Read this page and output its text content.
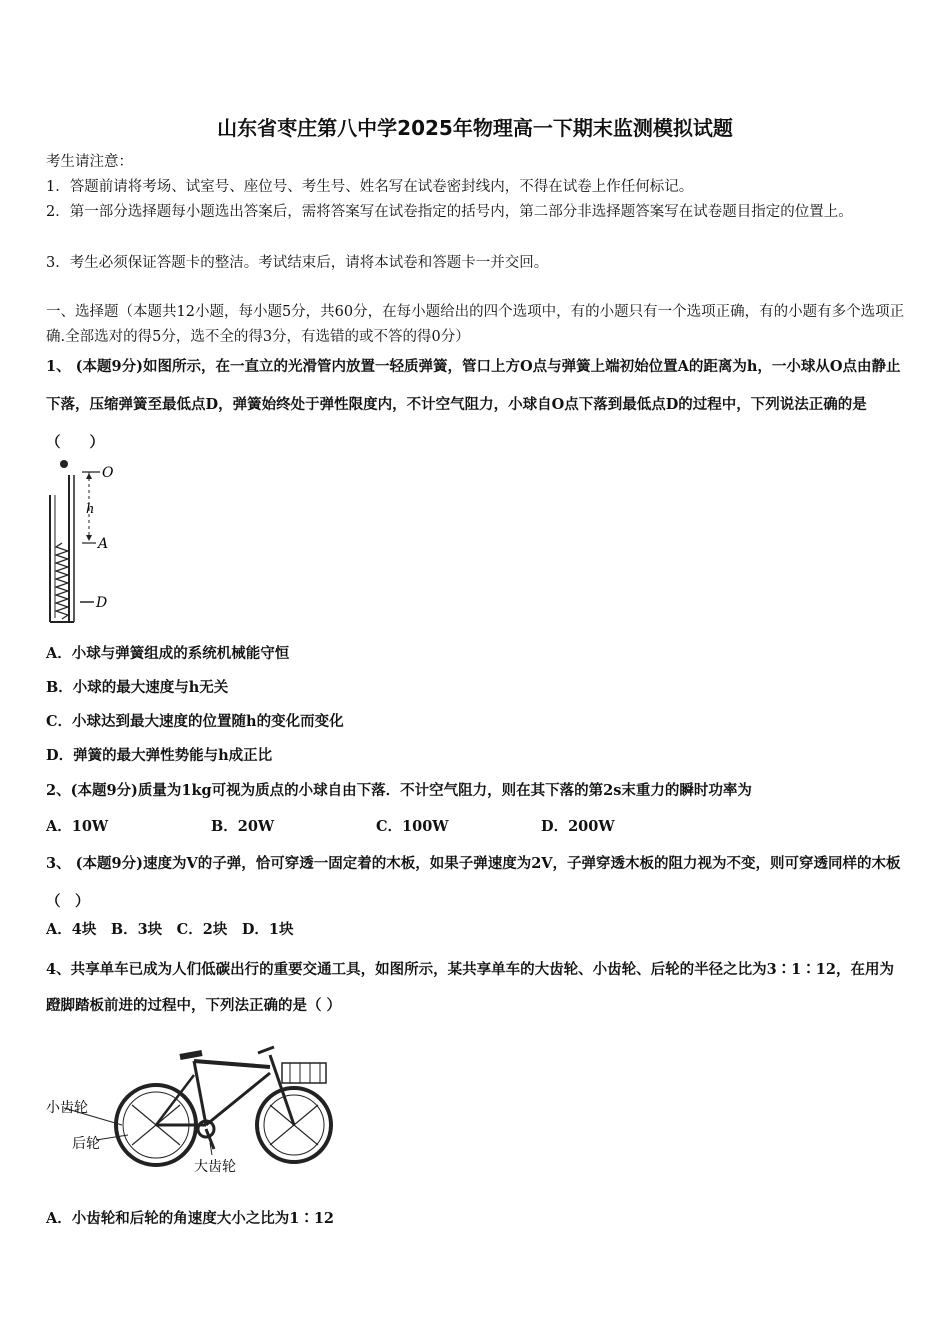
山东省枣庄第八中学2025年物理高一下期末监测模拟试题
考生请注意：
1．答题前请将考场、试室号、座位号、考生号、姓名写在试卷密封线内，不得在试卷上作任何标记。
2．第一部分选择题每小题选出答案后，需将答案写在试卷指定的括号内，第二部分非选择题答案写在试卷题目指定的位置上。
3．考生必须保证答题卡的整洁。考试结束后，请将本试卷和答题卡一并交回。
一、选择题（本题共12小题，每小题5分，共60分，在每小题给出的四个选项中，有的小题只有一个选项正确，有的小题有多个选项正确.全部选对的得5分，选不全的得3分，有选错的或不答的得0分）
1、 (本题9分)如图所示，在一直立的光滑管内放置一轻质弹簧，管口上方O点与弹簧上端初始位置A的距离为h，一小球从O点由静止下落，压缩弹簧至最低点D，弹簧始终处于弹性限度内，不计空气阻力，小球自O点下落到最低点D的过程中，下列说法正确的是（　　）
O
h
A
D
A．小球与弹簧组成的系统机械能守恒
B．小球的最大速度与h无关
C．小球达到最大速度的位置随h的变化而变化
D．弹簧的最大弹性势能与h成正比
2、(本题9分)质量为1kg可视为质点的小球自由下落．不计空气阻力，则在其下落的第2s末重力的瞬时功率为
A．10W	B．20W	C．100W	D．200W
3、 (本题9分)速度为V的子弹，恰可穿透一固定着的木板，如果子弹速度为2V，子弹穿透木板的阻力视为不变，则可穿透同样的木板（　）
A．4块　B．3块　C．2块　D．1块
4、共享单车已成为人们低碳出行的重要交通工具，如图所示，某共享单车的大齿轮、小齿轮、后轮的半径之比为3∶1∶12，在用为蹬脚踏板前进的过程中，下列法正确的是（ ）
小齿轮
后轮
大齿轮
A．小齿轮和后轮的角速度大小之比为1∶12
